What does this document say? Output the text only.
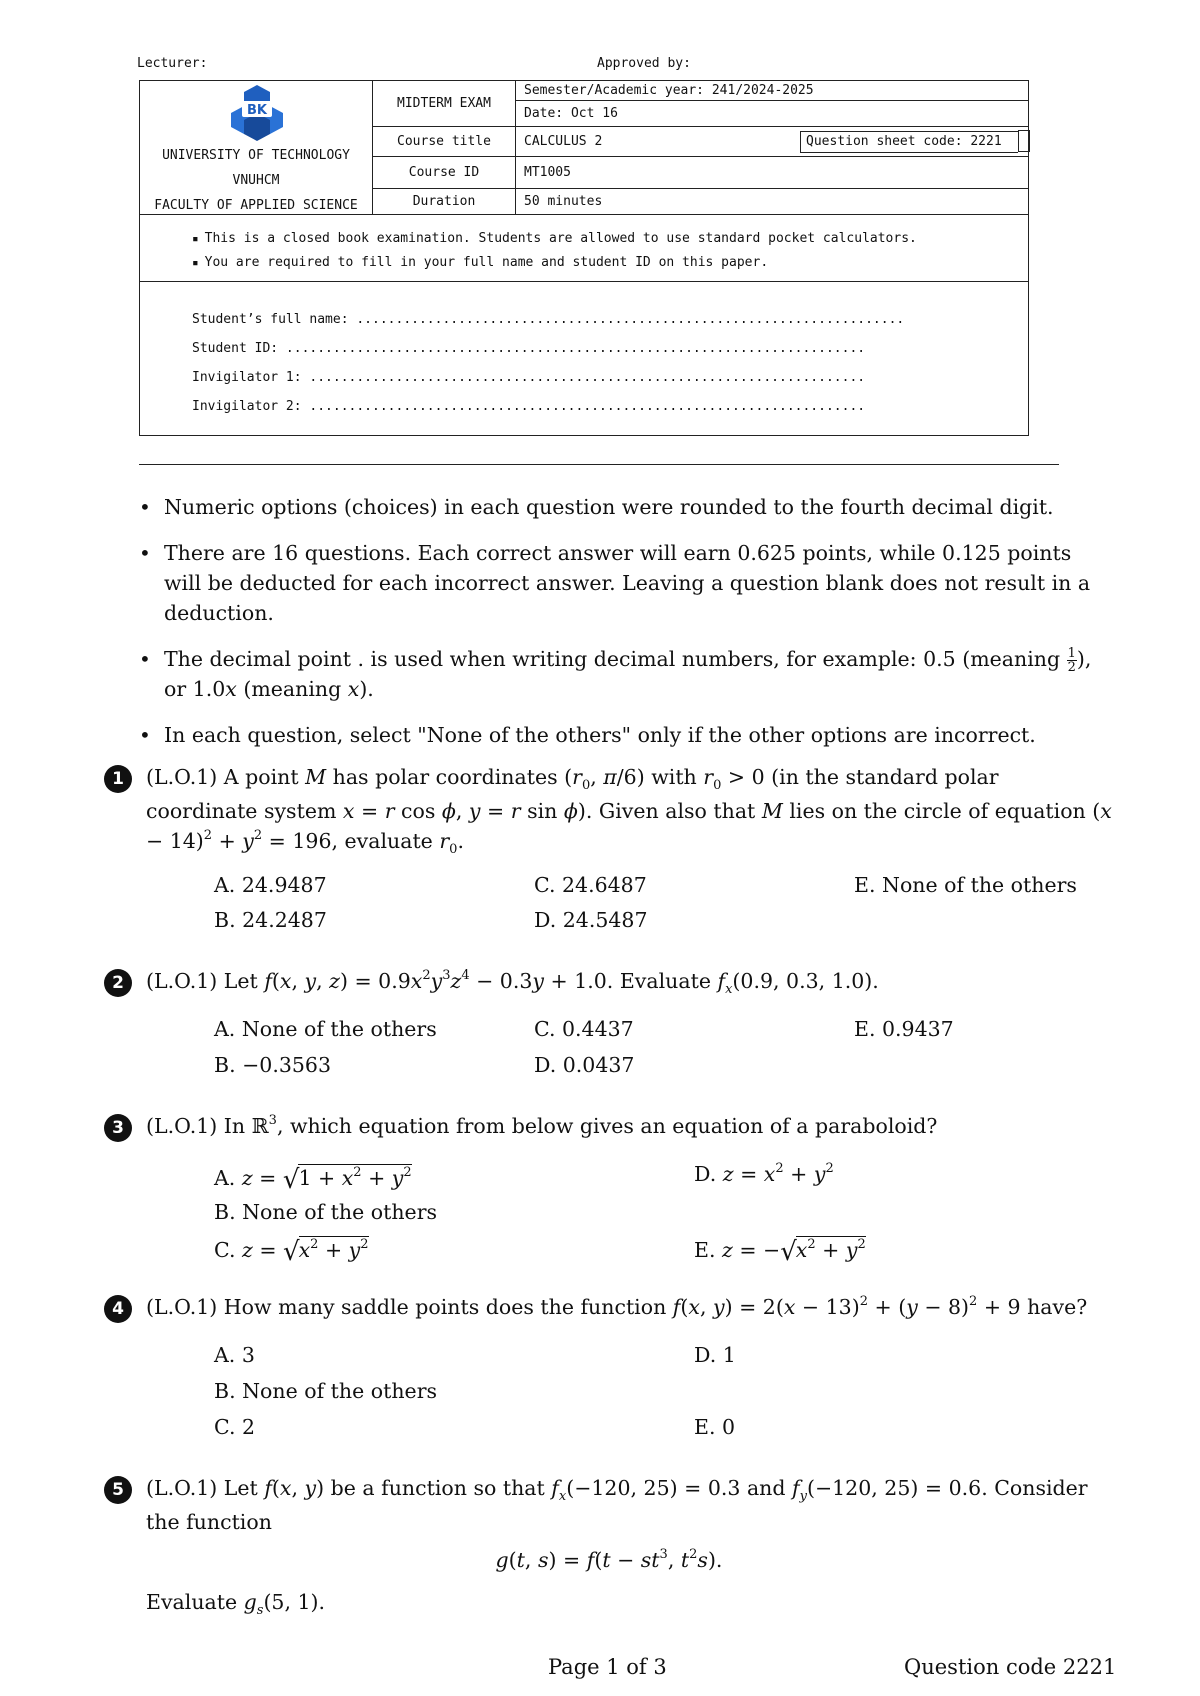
Lecturer:	Approved by:
BK
UNIVERSITY OF TECHNOLOGY
VNUHCM
FACULTY OF APPLIED SCIENCE
MIDTERM EXAM
Semester/Academic year: 241/2024-2025
Date: Oct 16
Course title	CALCULUS 2	Question sheet code: 2221
Course ID	MT1005
Duration	50 minutes
▪ This is a closed book examination. Students are allowed to use standard pocket calculators.
▪ You are required to fill in your full name and student ID on this paper.
Student’s full name: ......................................................................
Student ID: ..........................................................................
Invigilator 1: .......................................................................
Invigilator 2: .......................................................................
• Numeric options (choices) in each question were rounded to the fourth decimal digit.
• There are 16 questions. Each correct answer will earn 0.625 points, while 0.125 points will be deducted for each incorrect answer. Leaving a question blank does not result in a deduction.
• The decimal point . is used when writing decimal numbers, for example: 0.5 (meaning $\frac{1}{2}$ ), or 1.0x (meaning x).
• In each question, select "None of the others" only if the other options are incorrect.
1	(L.O.1) A point M has polar coordinates ($r_0$, π/6) with $r_0 > 0$ (in the standard polar coordinate system x = r cos ϕ, y = r sin ϕ). Given also that M lies on the circle of equation $(x - 14)^2 + y^2 = 196$, evaluate $r_0$.
A. 24.9487
B. 24.2487
C. 24.6487
D. 24.5487
E. None of the others
2	(L.O.1) Let f(x, y, $z) = 0.9x^2y^3z^4 - 0.3y + 1.0$. Evaluate $f_x(0.9$, 0.3, 1.0).
A. None of the others
B. −0.3563
C. 0.4437
D. 0.0437
E. 0.9437
3	(L.O.1) In ℝ$^3$, which equation from below gives an equation of a paraboloid?
A. $z = √1 + x^2 + y^2$
B. None of the others
C. $z = √x^2 + y^2$
D. $z = x^2 + y^2$
E. $z = -√x^2 + y^2$
4	(L.O.1) How many saddle points does the function f(x, $y) = 2(x - 13)^2 + (y - 8)^2 + 9$ have?
A. 3
B. None of the others
C. 2
D. 1
E. 0
5	(L.O.1) Let f(x, y) be a function so that $f_x(-120$, 25) = 0.3 and $f_y(-120$, 25) = 0.6. Consider the function
g(t, $s) = f(t - st^3$, $t^2s$).
Evaluate $g_s(5$, 1).
Page 1 of 3	Question code 2221
